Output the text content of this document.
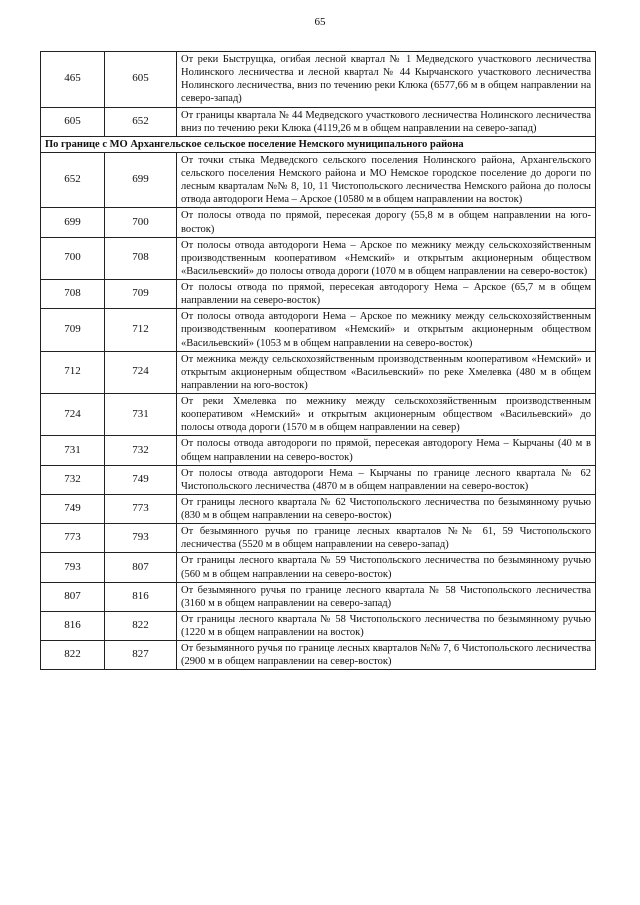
65
465	605	От реки Быструщка, огибая лесной квартал № 1 Медведского участкового лесничества Нолинского лесничества и лесной квартал № 44 Кырчанского участкового лесничества Нолинского лесничества, вниз по течению реки Клюка (6577,66 м в общем направлении на северо-запад)
605	652	От границы квартала № 44 Медведского участкового лесничества Нолинского лесничества вниз по течению реки Клюка (4119,26 м в общем направлении на северо-запад)
По границе с МО Архангельское сельское поселение Немского муниципального района		
652	699	От точки стыка Медведского сельского поселения Нолинского района, Архангельского сельского поселения Немского района и МО Немское городское поселение до дороги по лесным кварталам №№ 8, 10, 11 Чистопольского лесничества Немского района до полосы отвода автодороги Нема – Арское (10580 м в общем направлении на восток)
699	700	От полосы отвода по прямой, пересекая дорогу (55,8 м в общем направлении на юго-восток)
700	708	От полосы отвода автодороги Нема – Арское по межнику между сельскохозяйственным производственным кооперативом «Немский» и открытым акционерным обществом «Васильевский» до полосы отвода дороги (1070 м в общем направлении на северо-восток)
708	709	От полосы отвода по прямой, пересекая автодорогу Нема – Арское (65,7 м в общем направлении на северо-восток)
709	712	От полосы отвода автодороги Нема – Арское по межнику между сельскохозяйственным производственным кооперативом «Немский» и открытым акционерным обществом «Васильевский» (1053 м в общем направлении на северо-восток)
712	724	От межника между сельскохозяйственным производственным кооперативом «Немский» и открытым акционерным обществом «Васильевский» по реке Хмелевка (480 м в общем направлении на юго-восток)
724	731	От реки Хмелевка по межнику между сельскохозяйственным производственным кооперативом «Немский» и открытым акционерным обществом «Васильевский» до полосы отвода дороги (1570 м в общем направлении на север)
731	732	От полосы отвода автодороги по прямой, пересекая автодорогу Нема – Кырчаны (40 м в общем направлении на северо-восток)
732	749	От полосы отвода автодороги Нема – Кырчаны по границе лесного квартала № 62 Чистопольского лесничества (4870 м в общем направлении на северо-восток)
749	773	От границы лесного квартала № 62 Чистопольского лесничества по безымянному ручью (830 м в общем направлении на северо-восток)
773	793	От безымянного ручья по границе лесных кварталов №№ 61, 59 Чистопольского лесничества (5520 м в общем направлении на северо-запад)
793	807	От границы лесного квартала № 59 Чистопольского лесничества по безымянному ручью (560 м в общем направлении на северо-восток)
807	816	От безымянного ручья по границе лесного квартала № 58 Чистопольского лесничества (3160 м в общем направлении на северо-запад)
816	822	От границы лесного квартала № 58 Чистопольского лесничества по безымянному ручью (1220 м в общем направлении на восток)
822	827	От безымянного ручья по границе лесных кварталов №№ 7, 6 Чистопольского лесничества (2900 м в общем направлении на север-восток)
